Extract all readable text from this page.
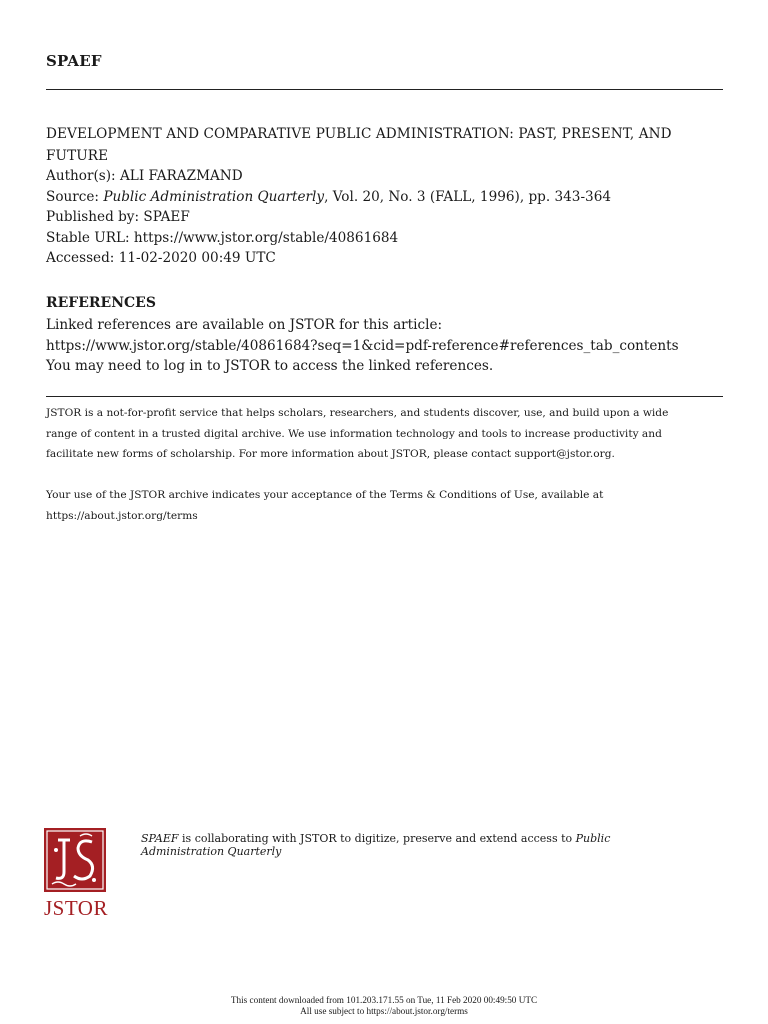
SPAEF
DEVELOPMENT AND COMPARATIVE PUBLIC ADMINISTRATION: PAST, PRESENT, AND FUTURE
Author(s): ALI FARAZMAND
Source: Public Administration Quarterly, Vol. 20, No. 3 (FALL, 1996), pp. 343-364
Published by: SPAEF
Stable URL: https://www.jstor.org/stable/40861684
Accessed: 11-02-2020 00:49 UTC
REFERENCES
Linked references are available on JSTOR for this article:
https://www.jstor.org/stable/40861684?seq=1&cid=pdf-reference#references_tab_contents
You may need to log in to JSTOR to access the linked references.
JSTOR is a not-for-profit service that helps scholars, researchers, and students discover, use, and build upon a wide
range of content in a trusted digital archive. We use information technology and tools to increase productivity and
facilitate new forms of scholarship. For more information about JSTOR, please contact support@jstor.org.
Your use of the JSTOR archive indicates your acceptance of the Terms & Conditions of Use, available at
https://about.jstor.org/terms
JSTOR
SPAEF is collaborating with JSTOR to digitize, preserve and extend access to Public Administration Quarterly
This content downloaded from 101.203.171.55 on Tue, 11 Feb 2020 00:49:50 UTC
All use subject to https://about.jstor.org/terms
